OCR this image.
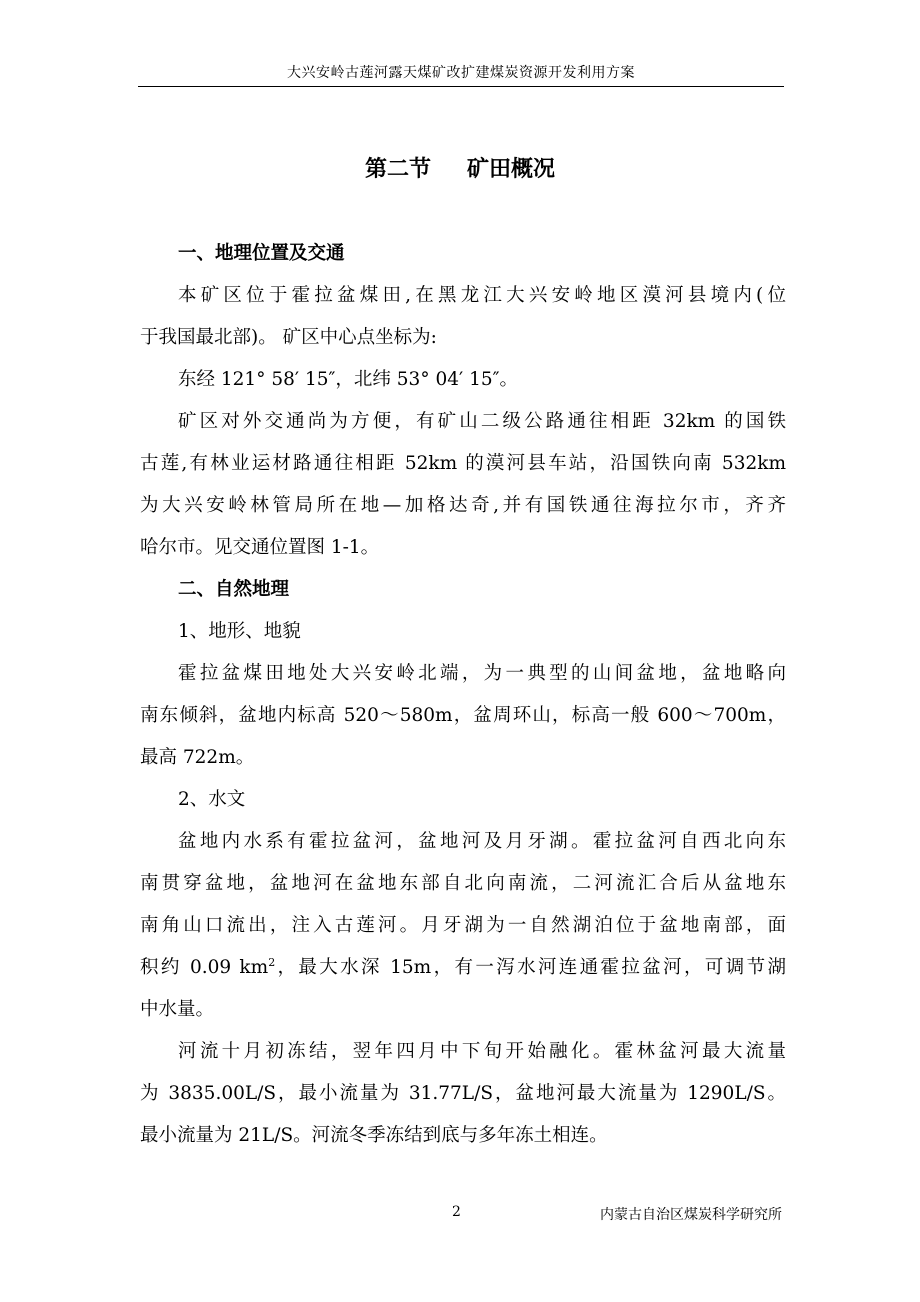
大兴安岭古莲河露天煤矿改扩建煤炭资源开发利用方案
第二节 矿田概况
一、地理位置及交通
本矿区位于霍拉盆煤田,在黑龙江大兴安岭地区漠河县境内(位
于我国最北部)。 矿区中心点坐标为:
东经 121° 58′ 15″，北纬 53° 04′ 15″。
矿区对外交通尚为方便，有矿山二级公路通往相距 32km 的国铁
古莲,有林业运材路通往相距 52km 的漠河县车站，沿国铁向南 532km
为大兴安岭林管局所在地—加格达奇,并有国铁通往海拉尔市，齐齐
哈尔市。见交通位置图 1-1。
二、自然地理
1、地形、地貌
霍拉盆煤田地处大兴安岭北端，为一典型的山间盆地，盆地略向
南东倾斜，盆地内标高 520～580m，盆周环山，标高一般 600～700m，
最高 722m。
2、水文
盆地内水系有霍拉盆河，盆地河及月牙湖。霍拉盆河自西北向东
南贯穿盆地，盆地河在盆地东部自北向南流，二河流汇合后从盆地东
南角山口流出，注入古莲河。月牙湖为一自然湖泊位于盆地南部，面
积约 0.09 $km^2$，最大水深 15m，有一泻水河连通霍拉盆河，可调节湖
中水量。
河流十月初冻结，翌年四月中下旬开始融化。霍林盆河最大流量
为 3835.00L/S，最小流量为 31.77L/S，盆地河最大流量为 1290L/S。
最小流量为 21L/S。河流冬季冻结到底与多年冻土相连。
2	内蒙古自治区煤炭科学研究所
